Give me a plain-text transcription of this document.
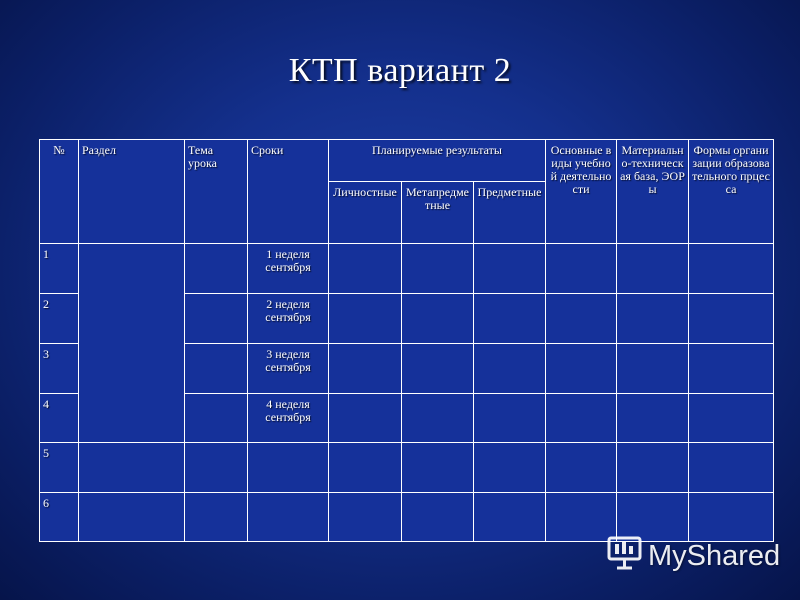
КТП вариант 2
№	Раздел	Тема урока	Сроки	Планируемые результаты			Основные виды учебной деятельности	Материально-техническая база, ЭОРы	Формы организации образовательного прцесса
				Личностные	Метапредметные	Предметные			
1			1 неделя сентября						
2			2 неделя сентября						
3			3 неделя сентября						
4			4 неделя сентября						
5									
6									
MyShared
